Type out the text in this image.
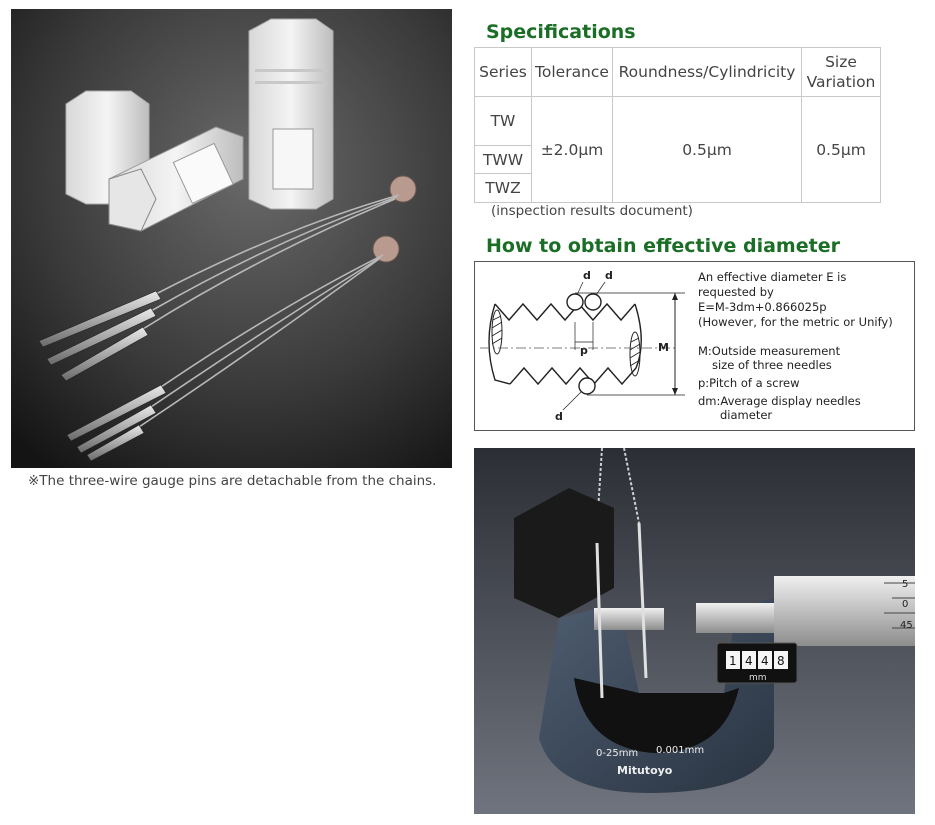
※The three-wire gauge pins are detachable from the chains.
Specifications
Series	Tolerance	Roundness/Cylindricity	Size
Variation
TW	±2.0μm	0.5μm	0.5μm
TWW			
TWZ			
(inspection results document)
How to obtain effective diameter
d d
d
p	M
An effective diameter E is
requested by
E=M-3dm+0.866025p
(However, for the metric or Unify)
M:Outside measurement
size of three needles
p:Pitch of a screw
dm:Average display needles
diameter
5
0
45
1 4 4 8
mm
0-25mm 0.001mm
Mitutoyo
